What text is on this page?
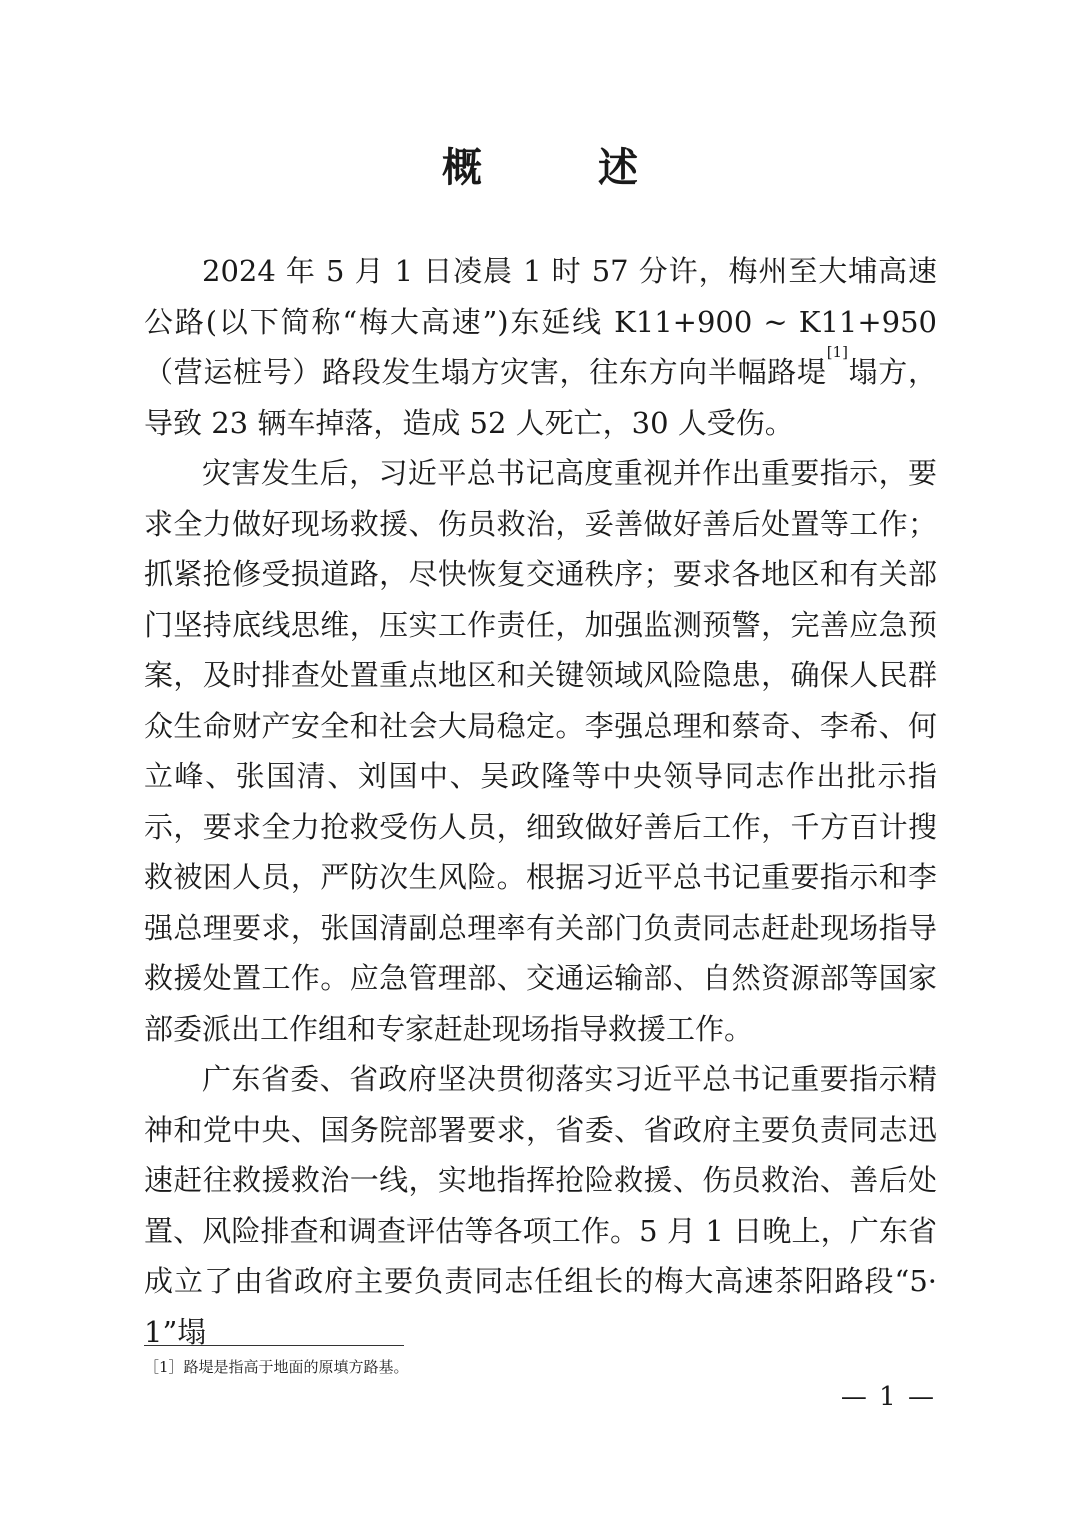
概　述

2024 年 5 月 1 日凌晨 1 时 57 分许，梅州至大埔高速公路(以下简称“梅大高速”)东延线 K11+900 ~ K11+950（营运桩号）路段发生塌方灾害，往东方向半幅路堤[1]塌方，导致 23 辆车掉落，造成 52 人死亡，30 人受伤。

灾害发生后，习近平总书记高度重视并作出重要指示，要求全力做好现场救援、伤员救治，妥善做好善后处置等工作；抓紧抢修受损道路，尽快恢复交通秩序；要求各地区和有关部门坚持底线思维，压实工作责任，加强监测预警，完善应急预案，及时排查处置重点地区和关键领域风险隐患，确保人民群众生命财产安全和社会大局稳定。李强总理和蔡奇、李希、何立峰、张国清、刘国中、吴政隆等中央领导同志作出批示指示，要求全力抢救受伤人员，细致做好善后工作，千方百计搜救被困人员，严防次生风险。根据习近平总书记重要指示和李强总理要求，张国清副总理率有关部门负责同志赶赴现场指导救援处置工作。应急管理部、交通运输部、自然资源部等国家部委派出工作组和专家赶赴现场指导救援工作。

广东省委、省政府坚决贯彻落实习近平总书记重要指示精神和党中央、国务院部署要求，省委、省政府主要负责同志迅速赶往救援救治一线，实地指挥抢险救援、伤员救治、善后处置、风险排查和调查评估等各项工作。5 月 1 日晚上，广东省成立了由省政府主要负责同志任组长的梅大高速茶阳路段“5·1”塌

［1］路堤是指高于地面的原填方路基。

— 1 —
